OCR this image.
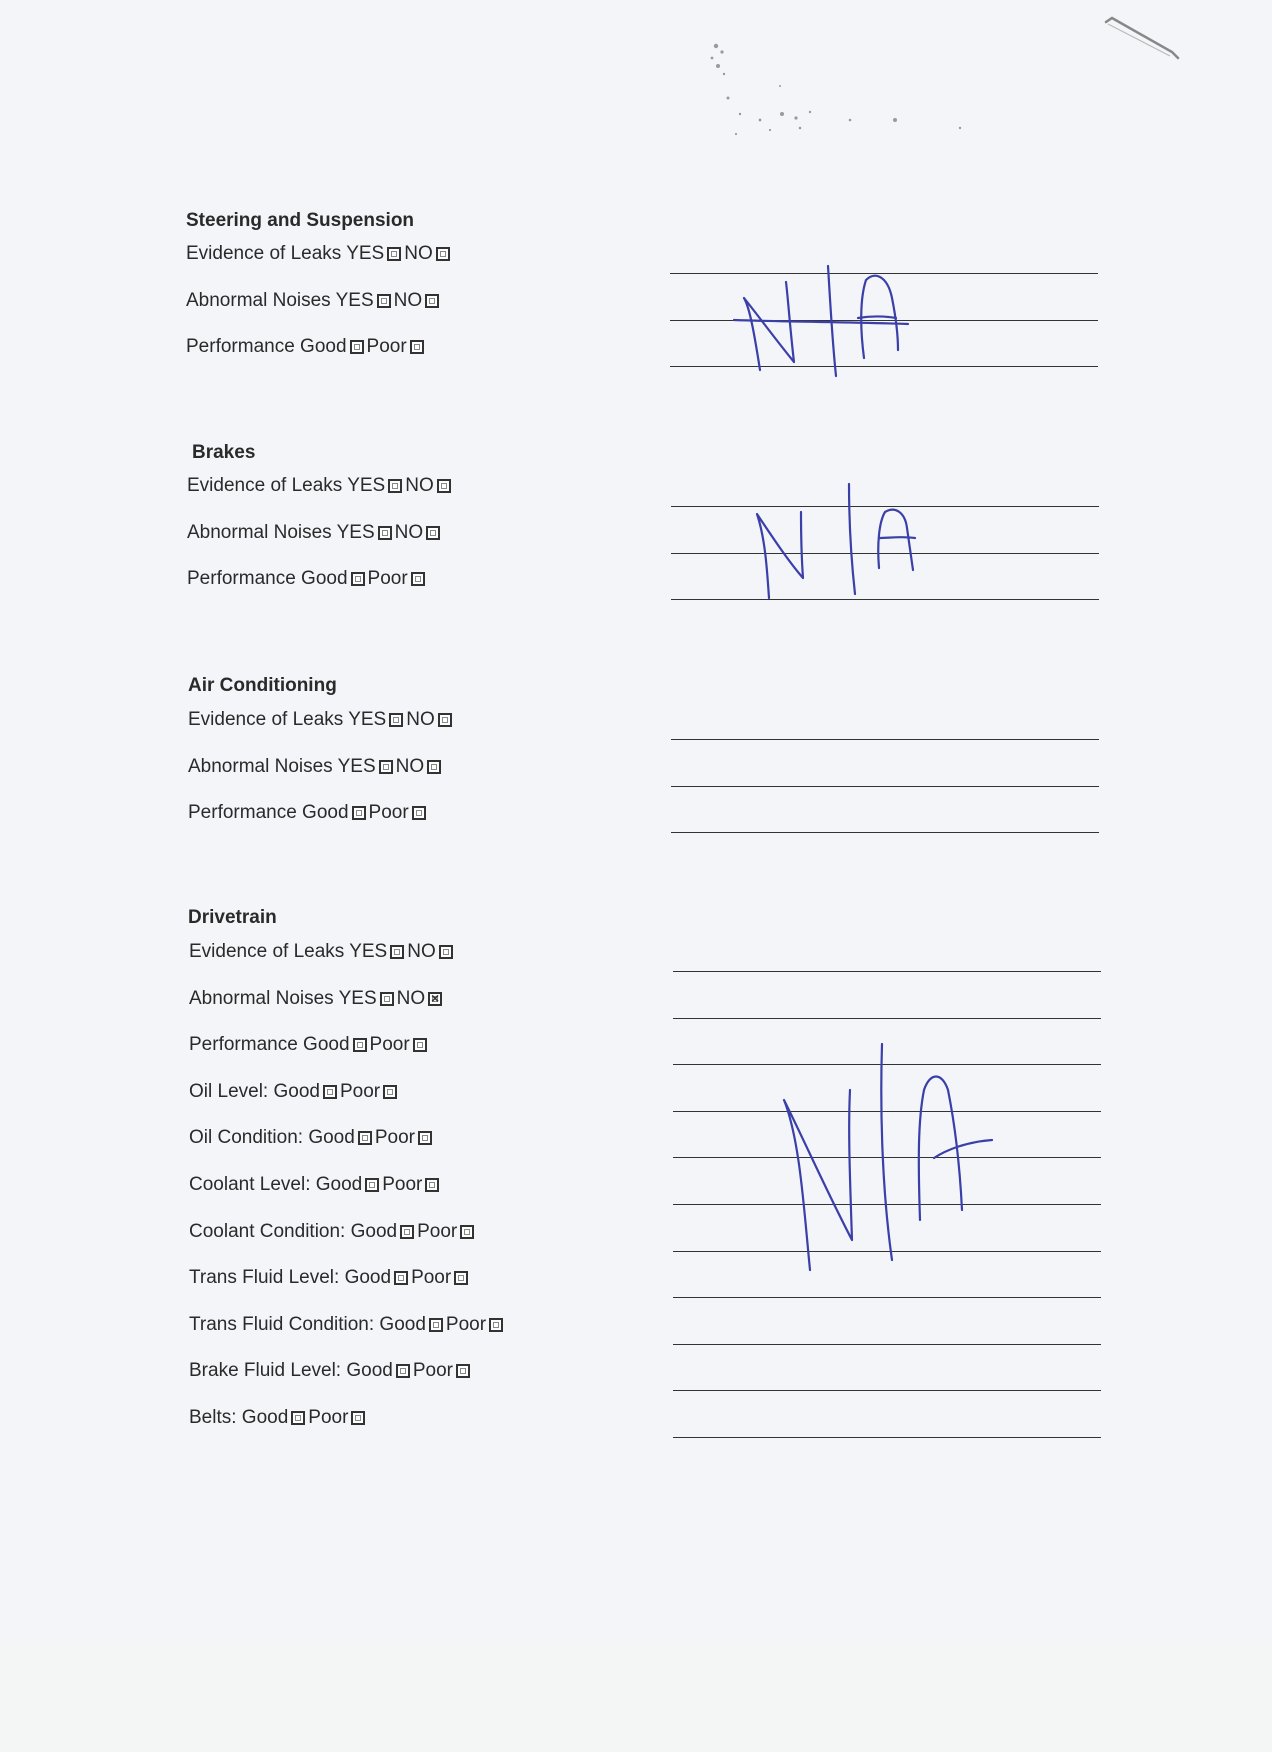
Steering and Suspension
Evidence of Leaks YES NO
Abnormal Noises YES NO
Performance Good Poor
Brakes
Evidence of Leaks YES NO
Abnormal Noises YES NO
Performance Good Poor
Air Conditioning
Evidence of Leaks YES NO
Abnormal Noises YES NO
Performance Good Poor
Drivetrain
Evidence of Leaks YES NO
Abnormal Noises YES NO
×
Performance Good Poor
Oil Level: Good Poor
Oil Condition: Good Poor
Coolant Level: Good Poor
Coolant Condition: Good Poor
Trans Fluid Level: Good Poor
Trans Fluid Condition: Good Poor
Brake Fluid Level: Good Poor
Belts: Good Poor
